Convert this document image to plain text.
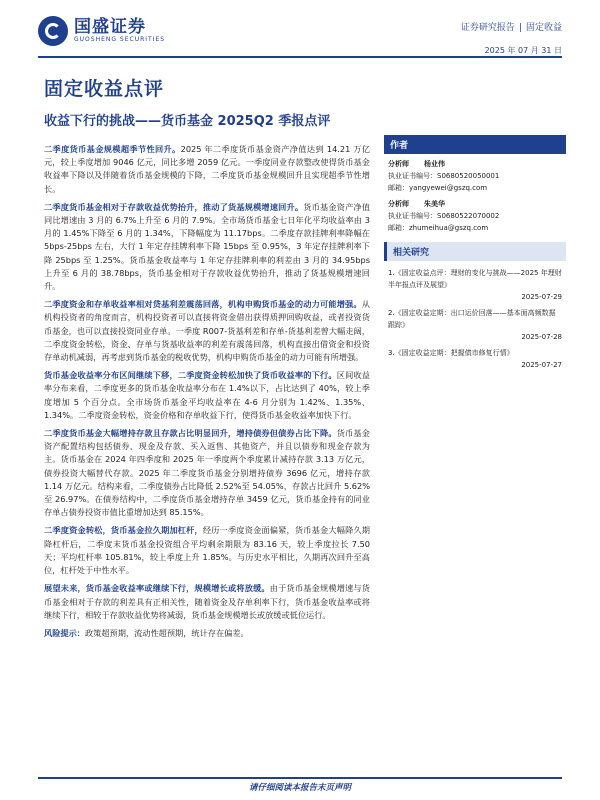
国盛证券
GUOSHENG SECURITIES
证券研究报告 | 固定收益
2025 年 07 月 31 日
固定收益点评
收益下行的挑战——货币基金 2025Q2 季报点评

二季度货币基金规模超季节性回升。2025 年二季度货币基金资产净值达到 14.21 万亿元，较上季度增加 9046 亿元，同比多增 2059 亿元。一季度同业存款整改使得货币基金收益率下降以及伴随着货币基金规模的下降，二季度货币基金规模回升且实现超季节性增长。

二季度货币基金相对于存款收益优势抬升，推动了货基规模增速回升。货币基金资产净值同比增速由 3 月的 6.7%上升至 6 月的 7.9%。全市场货币基金七日年化平均收益率由 3 月的 1.45%下降至 6 月的 1.34%，下降幅度为 11.17bps。二季度存款挂牌利率降幅在 5bps-25bps 左右，大行 1 年定存挂牌利率下降 15bps 至 0.95%，3 年定存挂牌利率下降 25bps 至 1.25%。货币基金收益率与 1 年定存挂牌利率的利差由 3 月的 34.95bps 上升至 6 月的 38.78bps，货币基金相对于存款收益优势抬升，推动了货基规模增速回升。

二季度资金和存单收益率相对贷基利差震荡回落，机构申购货币基金的动力可能增强。从机构投资者的角度而言，机构投资者可以直接将资金借出获得质押回购收益，或者投资货币基金，也可以直接投资同业存单。一季度 R007-货基利差和存单-货基利差曾大幅走阔，二季度资金转松，资金、存单与货基收益率的利差有震荡回落，机构直接出借资金和投资存单动机减弱，再考虑到货币基金的税收优势，机构申购货币基金的动力可能有所增强。

货币基金收益率分布区间继续下移，二季度资金转松加快了货币收益率的下行。区间收益率分布来看，二季度更多的货币基金收益率分布在 1.4%以下，占比达到了 40%，较上季度增加 5 个百分点。全市场货币基金平均收益率在 4-6 月分别为 1.42%、1.35%、1.34%。二季度资金转松，资金价格和存单收益下行，使得货币基金收益率加快下行。

二季度货币基金大幅增持存款且存款占比明显回升，增持债券但债券占比下降。货币基金资产配置结构包括债券、现金及存款、买入返售、其他资产，并且以债券和现金存款为主。货币基金在 2024 年四季度和 2025 年一季度两个季度累计减持存款 3.13 万亿元，债券投资大幅替代存款。2025 年二季度货币基金分别增持债券 3696 亿元，增持存款 1.14 万亿元。结构来看，二季度债券占比降低 2.52%至 54.05%，存款占比回升 5.62%至 26.97%。在债券结构中，二季度货币基金增持存单 3459 亿元，货币基金持有的同业存单占债券投资市值比重增加达到 85.15%。

二季度资金转松，货币基金拉久期加杠杆，经历一季度资金面偏紧，货币基金大幅降久期降杠杆后，二季度末货币基金投资组合平均剩余期限为 83.16 天，较上季度拉长 7.50 天；平均杠杆率 105.81%，较上季度上升 1.85%。与历史水平相比，久期再次回升至高位，杠杆处于中性水平。

展望未来，货币基金收益率或继续下行，规模增长或将放缓。由于货币基金规模增速与货币基金相对于存款的利差具有正相关性，随着资金及存单利率下行，货币基金收益率或将继续下行，相较于存款收益优势将减弱，货币基金规模增长或放缓或低位运行。

风险提示：政策超预期，流动性超预期，统计存在偏差。

作者
分析师	杨业伟
执业证书编号：S0680520050001
邮箱：yangyewei@gszq.com
分析师	朱美华
执业证书编号：S0680522070002
邮箱：zhumeihua@gszq.com
相关研究
1.《固定收益点评：理财的变化与挑战——2025 年理财半年报点评及展望》
2025-07-29
2.《固定收益定期：出口运价回落——基本面高频数据跟踪》
2025-07-28
3.《固定收益定期：把握债市修复行情》
2025-07-27
请仔细阅读本报告末页声明
